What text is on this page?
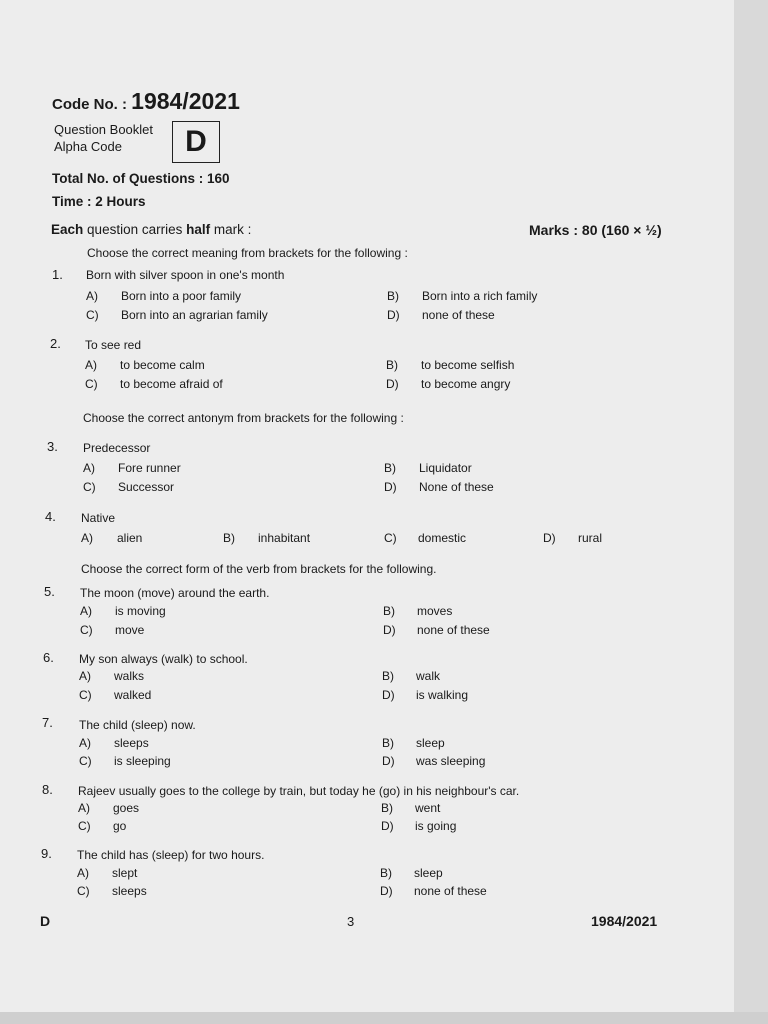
Code No. : 1984/2021
Question Booklet
Alpha Code	D
Total No. of Questions : 160
Time : 2 Hours
Each question carries half mark :	Marks : 80 (160 × ½)
Choose the correct meaning from brackets for the following :
Choose the correct antonym from brackets for the following :
Choose the correct form of the verb from brackets for the following.
1. Born with silver spoon in one's month
A) Born into a poor family	B) Born into a rich family
C) Born into an agrarian family	D) none of these
2. To see red
A) to become calm	B) to become selfish
C) to become afraid of	D) to become angry
3. Predecessor
A) Fore runner	B) Liquidator
C) Successor	D) None of these
4. Native
A) alien	B) inhabitant	C) domestic	D) rural
5. The moon (move) around the earth.
A) is moving	B) moves
C) move	D) none of these
6. My son always (walk) to school.
A) walks	B) walk
C) walked	D) is walking
7. The child (sleep) now.
A) sleeps	B) sleep
C) is sleeping	D) was sleeping
8. Rajeev usually goes to the college by train, but today he (go) in his neighbour's car.
A) goes	B) went
C) go	D) is going
9. The child has (sleep) for two hours.
A) slept	B) sleep
C) sleeps	D) none of these
D	3	1984/2021
